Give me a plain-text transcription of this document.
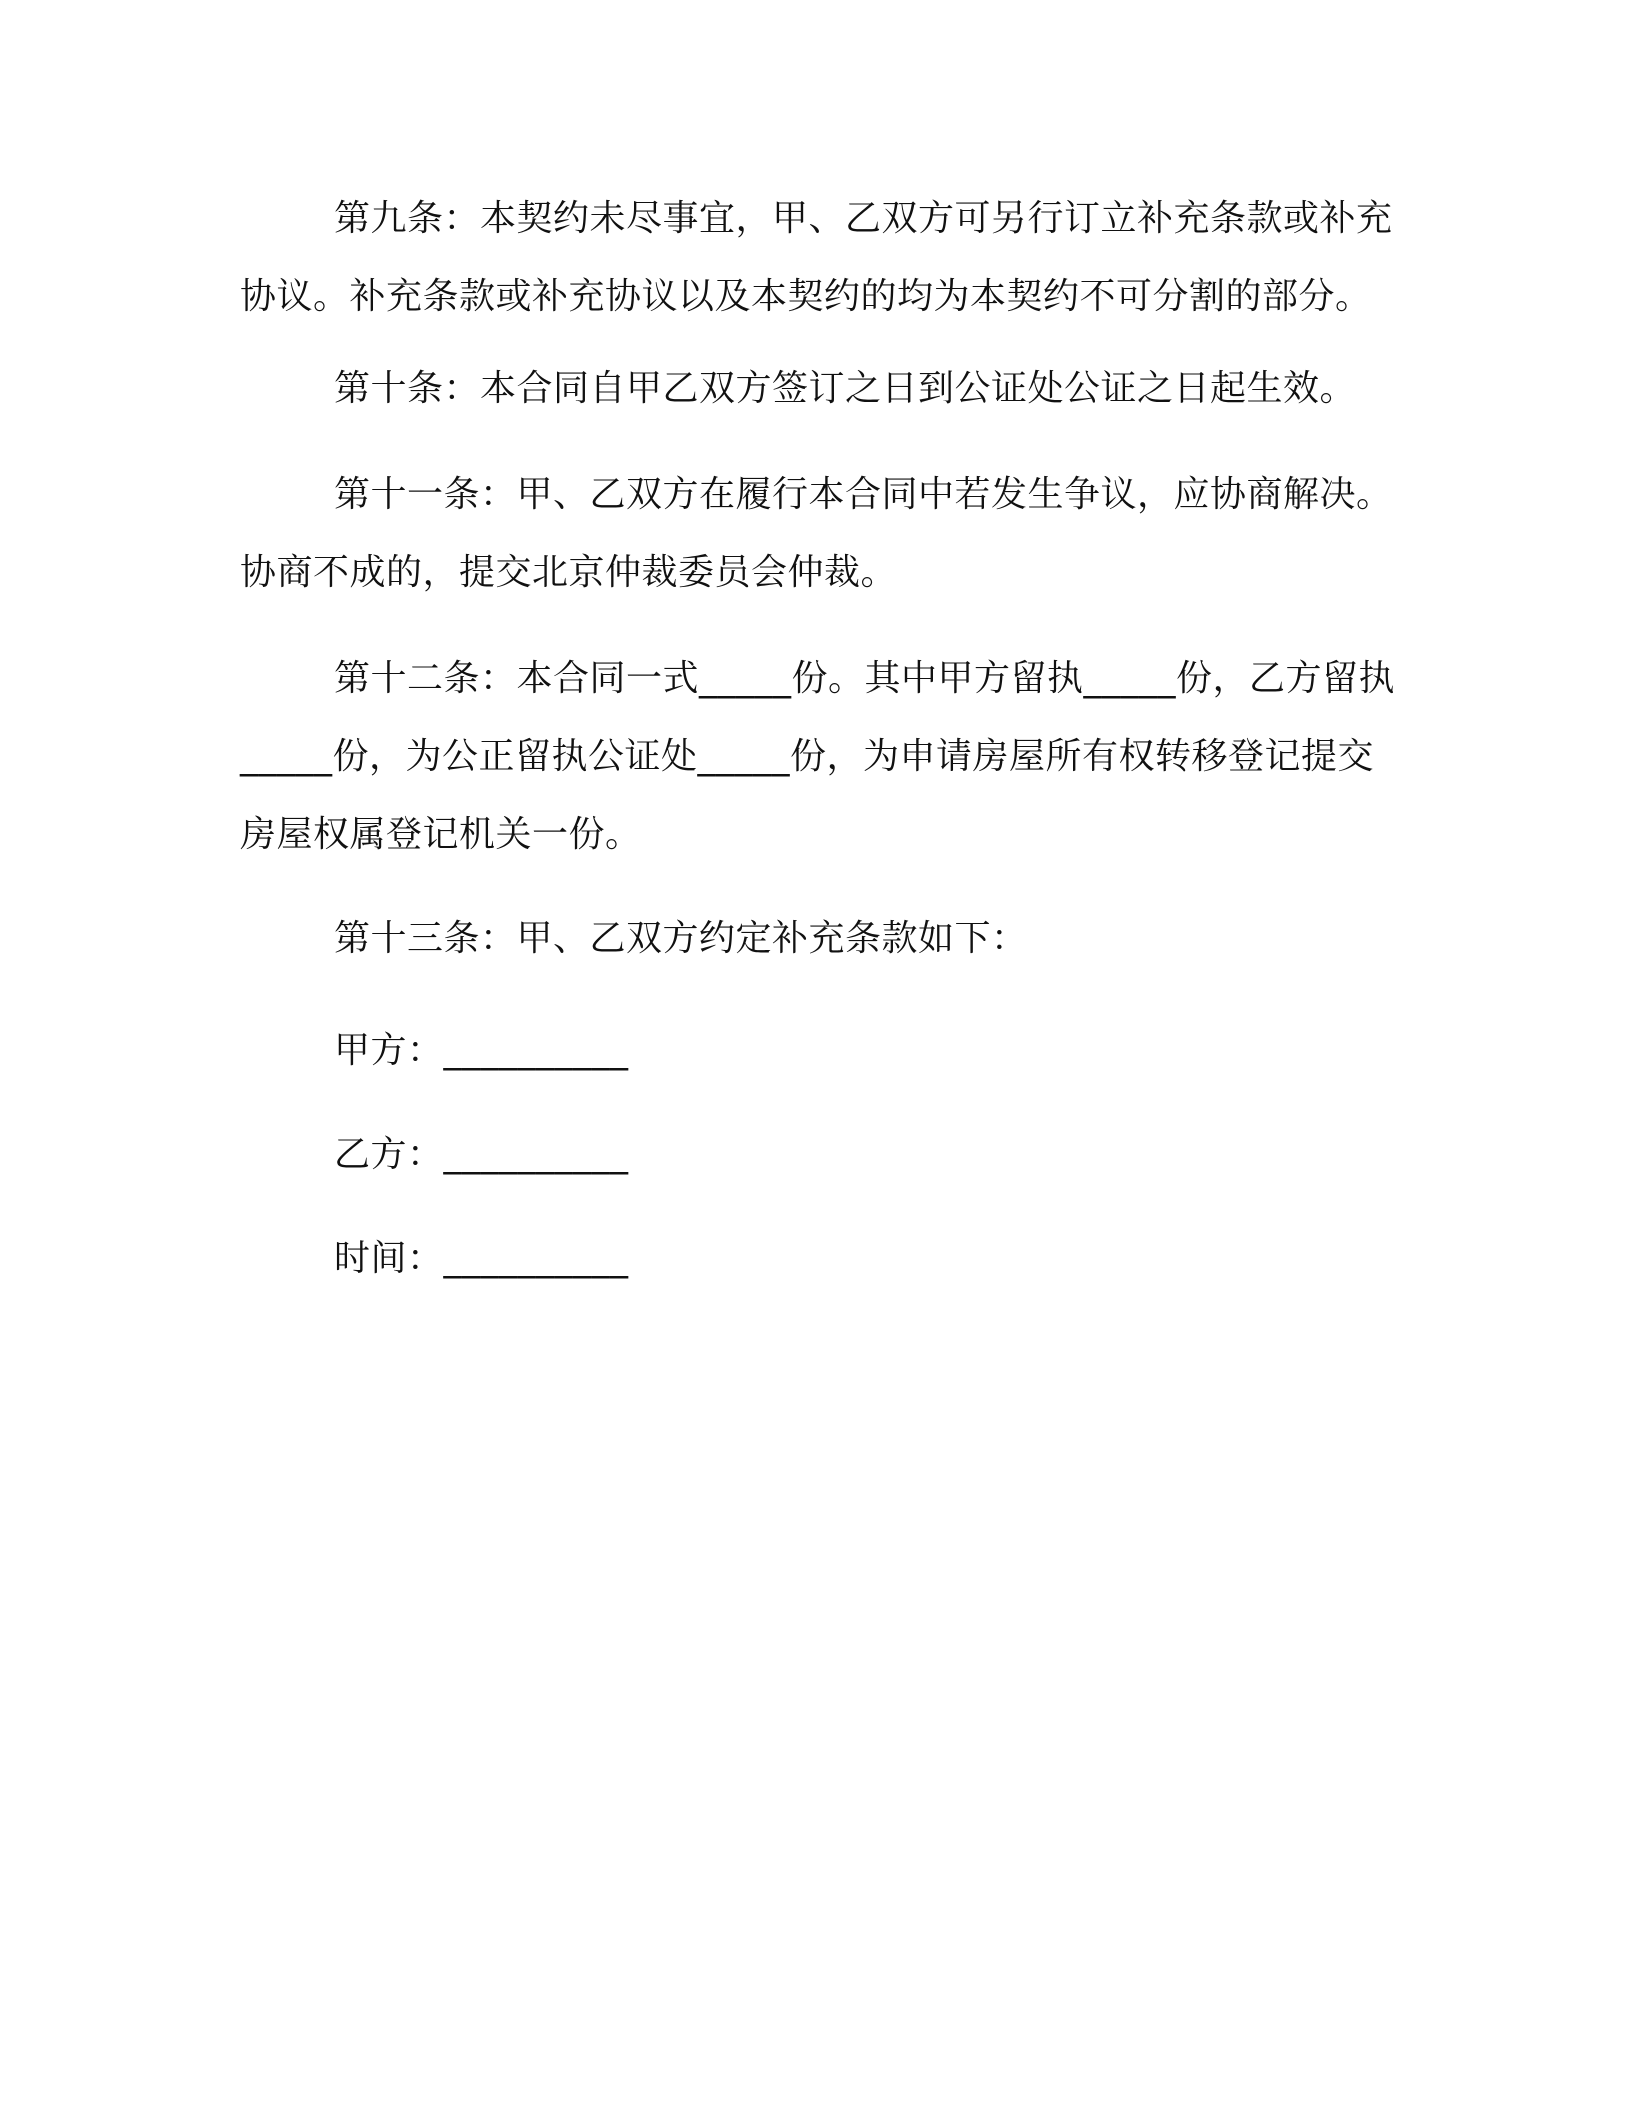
第九条：本契约未尽事宜，甲、乙双方可另行订立补充条款或补充协议。补充条款或补充协议以及本契约的均为本契约不可分割的部分。

第十条：本合同自甲乙双方签订之日到公证处公证之日起生效。

第十一条：甲、乙双方在履行本合同中若发生争议，应协商解决。协商不成的，提交北京仲裁委员会仲裁。

第十二条：本合同一式_____份。其中甲方留执_____份，乙方留执_____份，为公正留执公证处_____份，为申请房屋所有权转移登记提交房屋权属登记机关一份。

第十三条：甲、乙双方约定补充条款如下：

甲方：__________
乙方：__________
时间：__________
